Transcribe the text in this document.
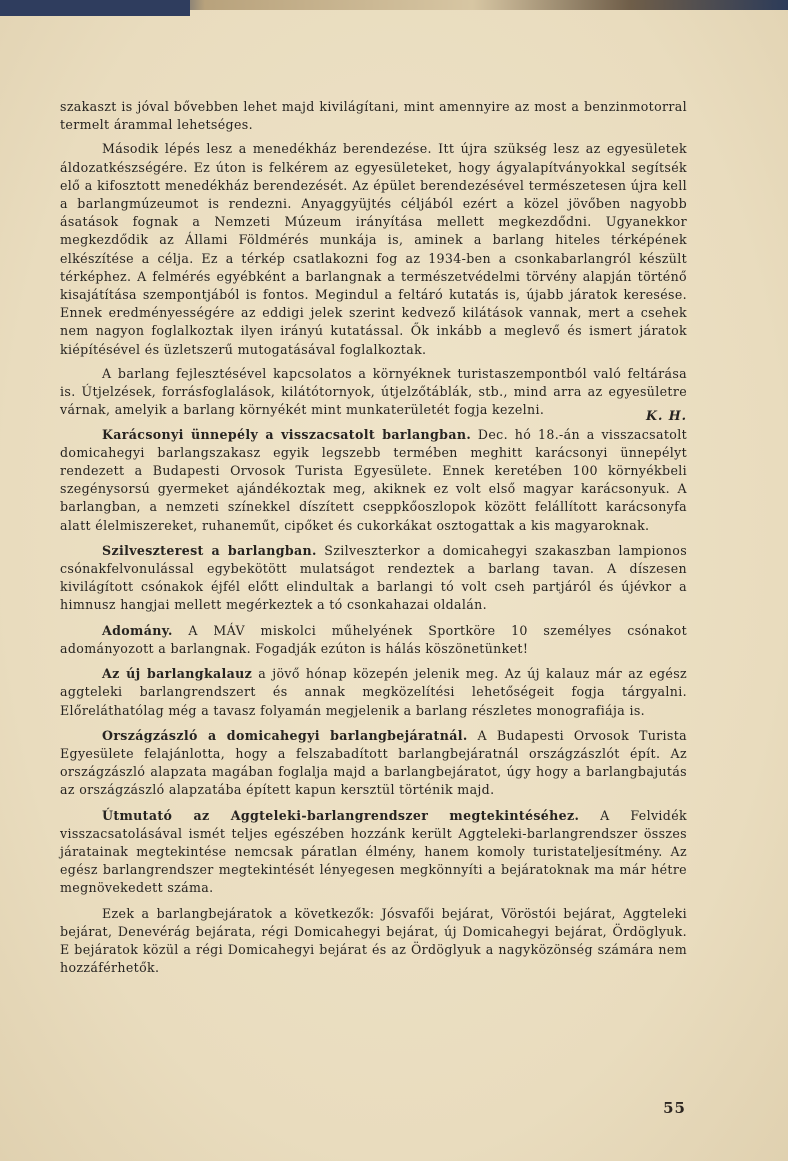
szakaszt is jóval bővebben lehet majd kivilágítani, mint amennyire az most a benzinmotorral termelt árammal lehetséges.

Második lépés lesz a menedékház berendezése. Itt újra szükség lesz az egyesületek áldozatkészségére. Ez úton is felkérem az egyesületeket, hogy ágyalapítványokkal segítsék elő a kifosztott menedékház berendezését. Az épület berendezésével természetesen újra kell a barlangmúzeumot is rendezni. Anyaggyüjtés céljából ezért a közel jövőben nagyobb ásatások fognak a Nemzeti Múzeum irányítása mellett megkezdődni. Ugyanekkor megkezdődik az Állami Földmérés munkája is, aminek a barlang hiteles térképének elkészítése a célja. Ez a térkép csatlakozni fog az 1934-ben a csonkabarlangról készült térképhez. A felmérés egyébként a barlangnak a természetvédelmi törvény alapján történő kisajátítása szempontjából is fontos. Megindul a feltáró kutatás is, újabb járatok keresése. Ennek eredményességére az eddigi jelek szerint kedvező kilátások vannak, mert a csehek nem nagyon foglalkoztak ilyen irányú kutatással. Ők inkább a meglevő és ismert járatok kiépítésével és üzletszerű mutogatásával foglalkoztak.

A barlang fejlesztésével kapcsolatos a környéknek turistaszempontból való feltárása is. Útjelzések, forrásfoglalások, kilátótornyok, útjelzőtáblák, stb., mind arra az egyesületre várnak, amelyik a barlang környékét mint munkaterületét fogja kezelni.	K. H.

Karácsonyi ünnepély a visszacsatolt barlangban. Dec. hó 18.-án a visszacsatolt domicahegyi barlangszakasz egyik legszebb termében meghitt karácsonyi ünnepélyt rendezett a Budapesti Orvosok Turista Egyesülete. Ennek keretében 100 környékbeli szegénysorsú gyermeket ajándékoztak meg, akiknek ez volt első magyar karácsonyuk. A barlangban, a nemzeti színekkel díszített cseppkőoszlopok között felállított karácsonyfa alatt élelmiszereket, ruhaneműt, cipőket és cukorkákat osztogattak a kis magyaroknak.

Szilveszterest a barlangban. Szilveszterkor a domicahegyi szakaszban lampionos csónakfelvonulással egybekötött mulatságot rendeztek a barlang tavan. A díszesen kivilágított csónakok éjfél előtt elindultak a barlangi tó volt cseh partjáról és újévkor a himnusz hangjai mellett megérkeztek a tó csonkahazai oldalán.

Adomány. A MÁV miskolci műhelyének Sportköre 10 személyes csónakot adományozott a barlangnak. Fogadják ezúton is hálás köszönetünket!

Az új barlangkalauz a jövő hónap közepén jelenik meg. Az új kalauz már az egész aggteleki barlangrendszert és annak megközelítési lehetőségeit fogja tárgyalni. Előreláthatólag még a tavasz folyamán megjelenik a barlang részletes monografiája is.

Országzászló a domicahegyi barlangbejáratnál. A Budapesti Orvosok Turista Egyesülete felajánlotta, hogy a felszabadított barlangbejáratnál országzászlót épít. Az országzászló alapzata magában foglalja majd a barlangbejáratot, úgy hogy a barlangbajutás az országzászló alapzatába épített kapun kersztül történik majd.

Útmutató az Aggteleki-barlangrendszer megtekintéséhez. A Felvidék visszacsatolásával ismét teljes egészében hozzánk került Aggteleki-barlangrendszer összes járatainak megtekintése nemcsak páratlan élmény, hanem komoly turistateljesítmény. Az egész barlangrendszer megtekintését lényegesen megkönnyíti a bejáratoknak ma már hétre megnövekedett száma.

Ezek a barlangbejáratok a következők: Jósvafői bejárat, Vöröstói bejárat, Aggteleki bejárat, Denevérág bejárata, régi Domicahegyi bejárat, új Domicahegyi bejárat, Ördöglyuk. E bejáratok közül a régi Domicahegyi bejárat és az Ördöglyuk a nagyközönség számára nem hozzáférhetők.

55
